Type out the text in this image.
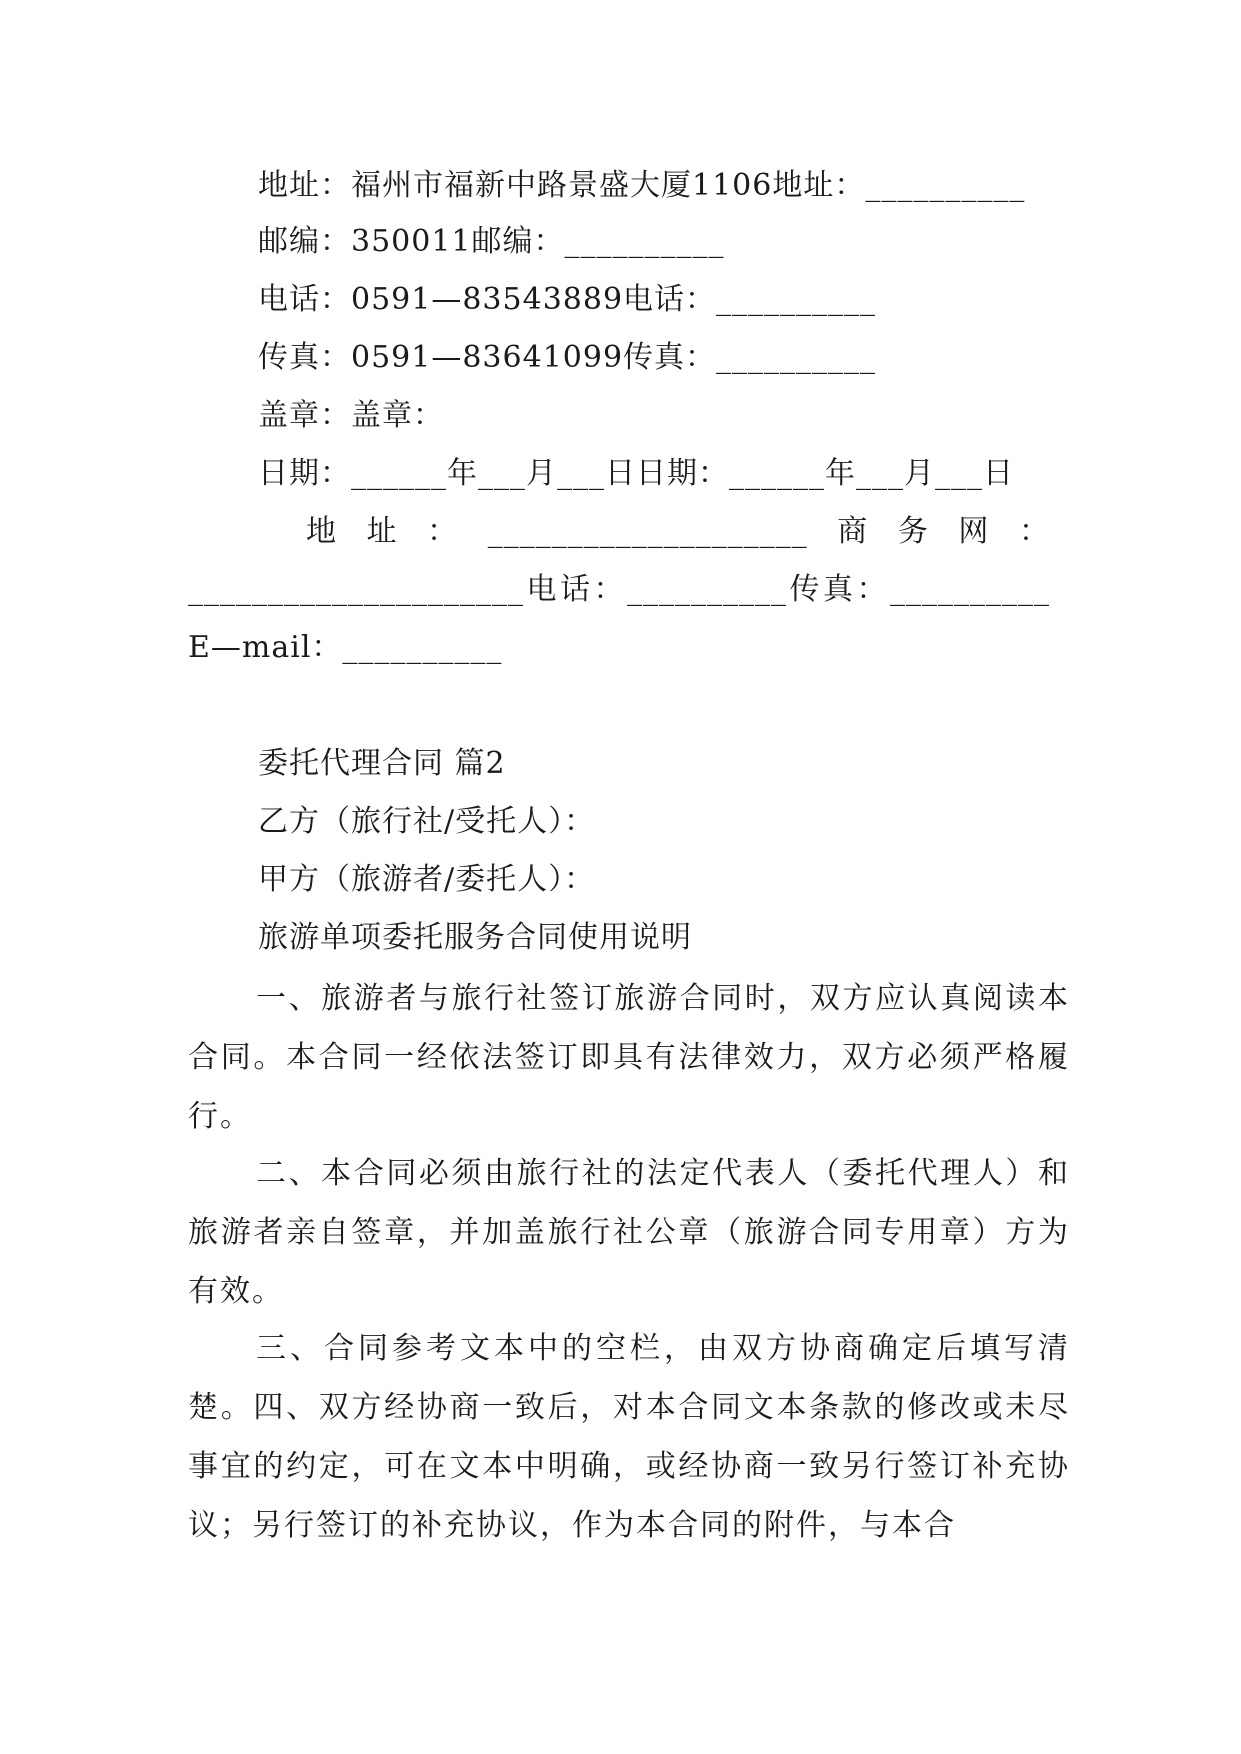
地址：福州市福新中路景盛大厦1106地址：__________
邮编：350011邮编：__________
电话：0591—83543889电话：__________
传真：0591—83641099传真：__________
盖章：盖章：
日期：______年___月___日日期：______年___月___日
地址：____________________商务网：
_____________________电话：__________传真：__________
E—mail：__________
委托代理合同 篇2
乙方（旅行社/受托人）：
甲方（旅游者/委托人）：
旅游单项委托服务合同使用说明
一、旅游者与旅行社签订旅游合同时，双方应认真阅读本合同。本合同一经依法签订即具有法律效力，双方必须严格履行。
二、本合同必须由旅行社的法定代表人（委托代理人）和旅游者亲自签章，并加盖旅行社公章（旅游合同专用章）方为有效。
三、合同参考文本中的空栏，由双方协商确定后填写清楚。四、双方经协商一致后，对本合同文本条款的修改或未尽事宜的约定，可在文本中明确，或经协商一致另行签订补充协议；另行签订的补充协议，作为本合同的附件，与本合
